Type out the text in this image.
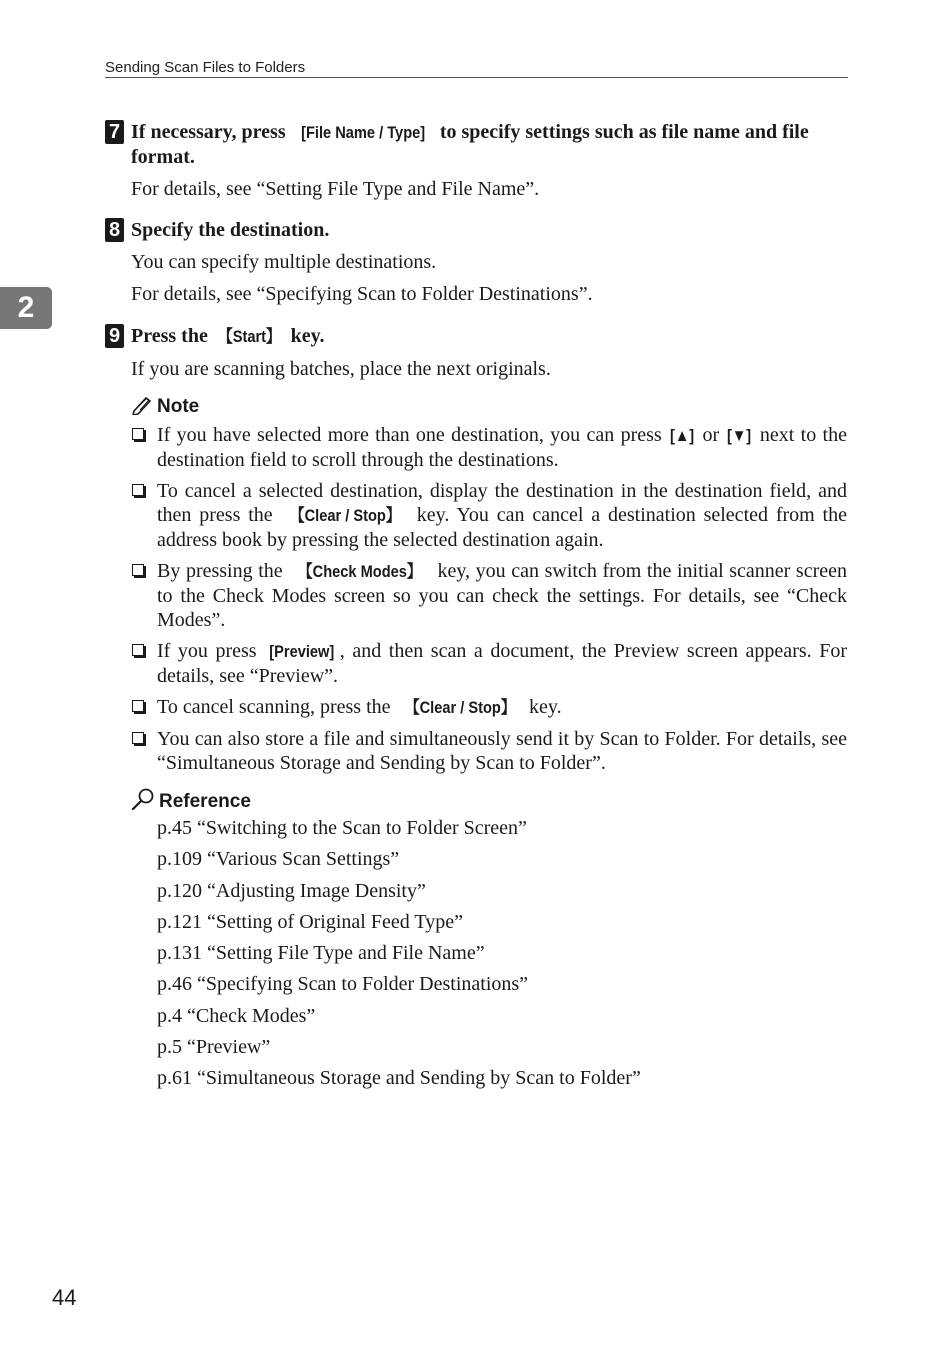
Sending Scan Files to Folders
2
7 If necessary, press [File Name / Type] to specify settings such as file name and file format.

For details, see “Setting File Type and File Name”.

8 Specify the destination.

You can specify multiple destinations.

For details, see “Specifying Scan to Folder Destinations”.

9 Press the 【Start】 key.

If you are scanning batches, place the next originals.

Note
If you have selected more than one destination, you can press [▲] or [▼] next to the destination field to scroll through the destinations.
To cancel a selected destination, display the destination in the destination field, and then press the 【Clear / Stop】 key. You can cancel a destination selected from the address book by pressing the selected destination again.
By pressing the 【Check Modes】 key, you can switch from the initial scanner screen to the Check Modes screen so you can check the settings. For details, see “Check Modes”.
If you press [Preview] , and then scan a document, the Preview screen appears. For details, see “Preview”.
To cancel scanning, press the 【Clear / Stop】 key.
You can also store a file and simultaneously send it by Scan to Folder. For details, see “Simultaneous Storage and Sending by Scan to Folder”.
Reference
p.45 “Switching to the Scan to Folder Screen”
p.109 “Various Scan Settings”
p.120 “Adjusting Image Density”
p.121 “Setting of Original Feed Type”
p.131 “Setting File Type and File Name”
p.46 “Specifying Scan to Folder Destinations”
p.4 “Check Modes”
p.5 “Preview”
p.61 “Simultaneous Storage and Sending by Scan to Folder”
44
